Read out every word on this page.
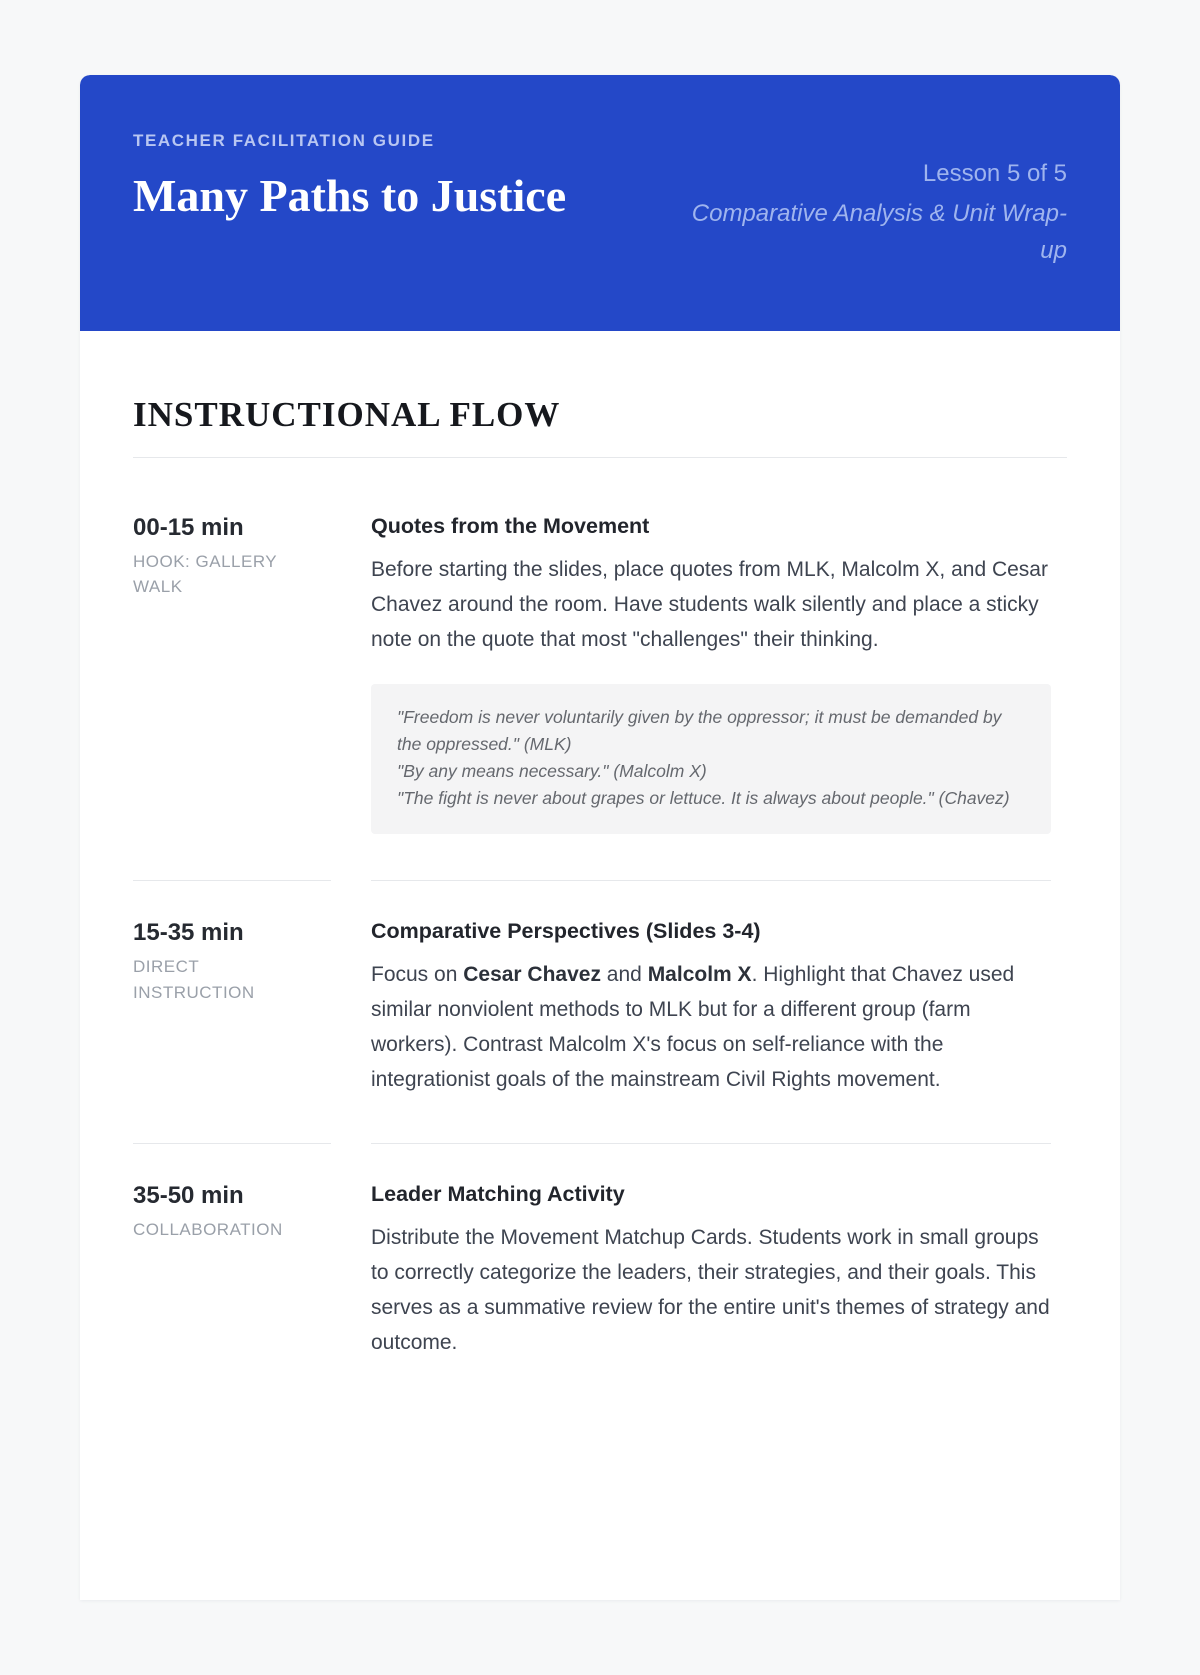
TEACHER FACILITATION GUIDE
Many Paths to Justice	Lesson 5 of 5
Comparative Analysis & Unit Wrap-up
INSTRUCTIONAL FLOW
00-15 min
HOOK: GALLERY WALK
Quotes from the Movement

Before starting the slides, place quotes from MLK, Malcolm X, and Cesar Chavez around the room. Have students walk silently and place a sticky note on the quote that most "challenges" their thinking.

"Freedom is never voluntarily given by the oppressor; it must be demanded by the oppressed." (MLK)

"By any means necessary." (Malcolm X)

"The fight is never about grapes or lettuce. It is always about people." (Chavez)

15-35 min
DIRECT INSTRUCTION
Comparative Perspectives (Slides 3-4)

Focus on Cesar Chavez and Malcolm X. Highlight that Chavez used similar nonviolent methods to MLK but for a different group (farm workers). Contrast Malcolm X's focus on self-reliance with the integrationist goals of the mainstream Civil Rights movement.

35-50 min
COLLABORATION
Leader Matching Activity

Distribute the Movement Matchup Cards. Students work in small groups to correctly categorize the leaders, their strategies, and their goals. This serves as a summative review for the entire unit's themes of strategy and outcome.
